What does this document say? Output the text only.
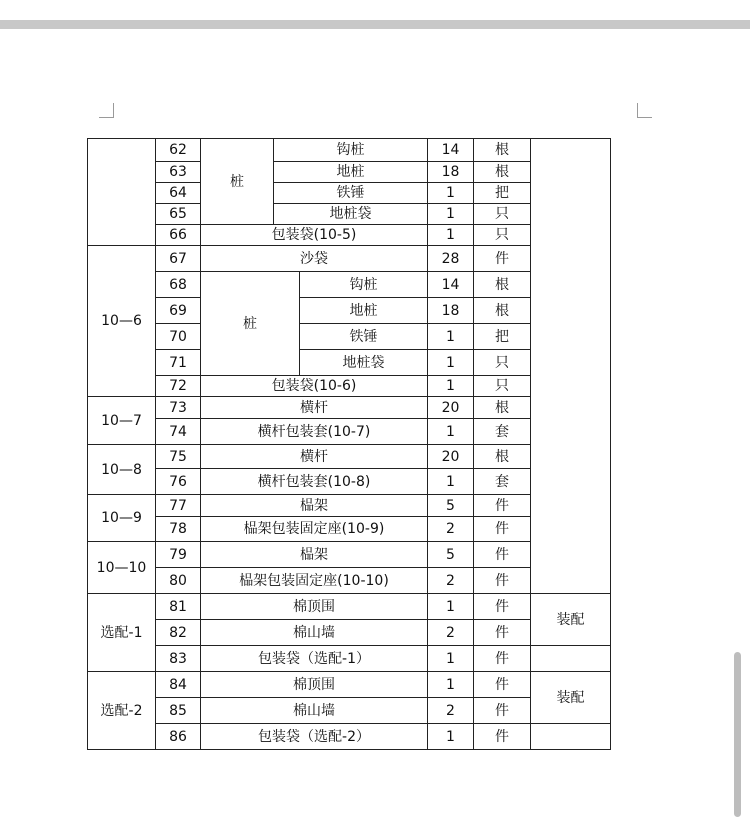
	62	桩	钩桩		14	根	
	63		地桩		18	根	
	64		铁锤		1	把	
	65		地桩袋		1	只	
	66	包装袋(10-5)			1	只	
10—6	67	沙袋			28	件	
	68	桩		钩桩	14	根	
	69			地桩	18	根	
	70			铁锤	1	把	
	71			地桩袋	1	只	
	72	包装袋(10-6)			1	只	
10—7	73	横杆			20	根	
	74	横杆包装套(10-7)			1	套	
10—8	75	横杆			20	根	
	76	横杆包装套(10-8)			1	套	
10—9	77	榀架			5	件	
	78	榀架包装固定座(10-9)			2	件	
10—10	79	榀架			5	件	
	80	榀架包装固定座(10-10)			2	件	
选配-1	81	棉顶围			1	件	装配
	82	棉山墙			2	件	
	83	包装袋（选配-1）			1	件	
选配-2	84	棉顶围			1	件	装配
	85	棉山墙			2	件	
	86	包装袋（选配-2）			1	件	
